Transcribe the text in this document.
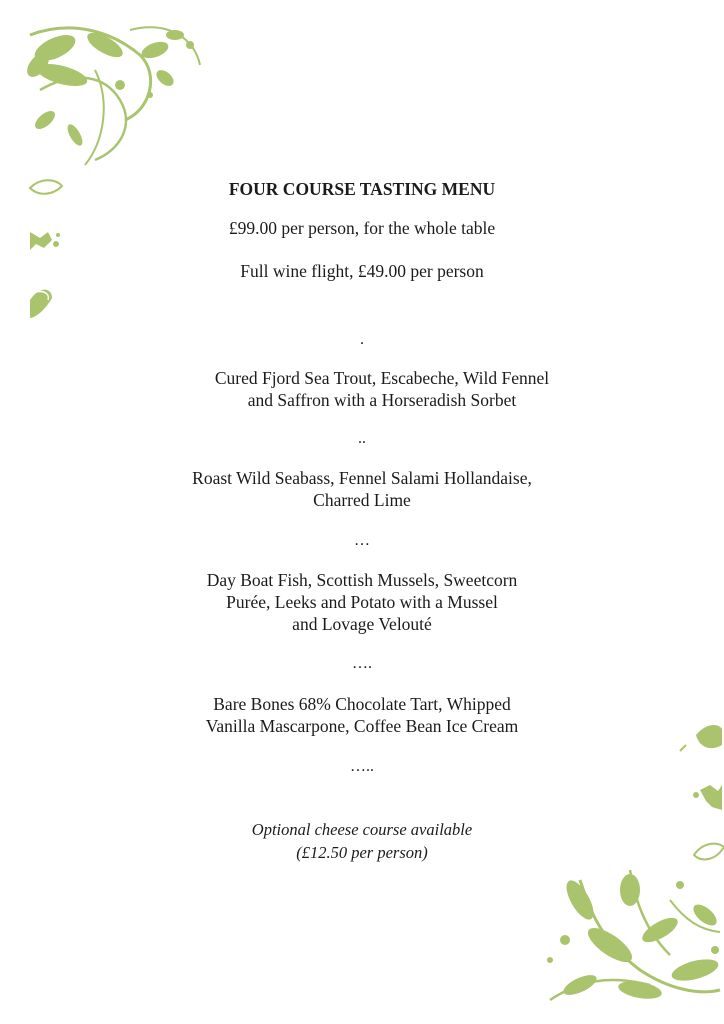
FOUR COURSE TASTING MENU
£99.00 per person, for the whole table
Full wine flight, £49.00 per person
.
Cured Fjord Sea Trout, Escabeche, Wild Fennel
and Saffron with a Horseradish Sorbet
..
Roast Wild Seabass, Fennel Salami Hollandaise,
Charred Lime
…
Day Boat Fish, Scottish Mussels, Sweetcorn
Purée, Leeks and Potato with a Mussel
and Lovage Velouté
….
Bare Bones 68% Chocolate Tart, Whipped
Vanilla Mascarpone, Coffee Bean Ice Cream
…..
Optional cheese course available
(£12.50 per person)
